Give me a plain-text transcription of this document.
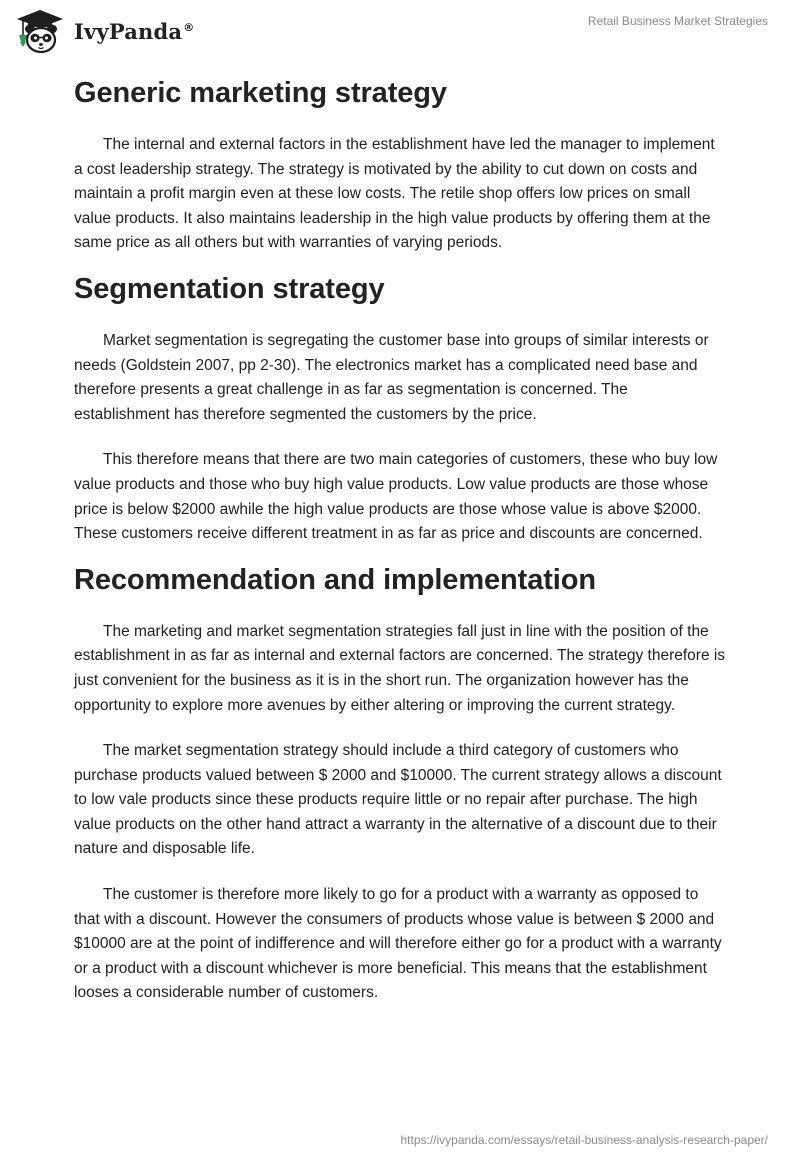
IvyPanda®	Retail Business Market Strategies
Generic marketing strategy

The internal and external factors in the establishment have led the manager to implement a cost leadership strategy. The strategy is motivated by the ability to cut down on costs and maintain a profit margin even at these low costs. The retile shop offers low prices on small value products. It also maintains leadership in the high value products by offering them at the same price as all others but with warranties of varying periods.

Segmentation strategy

Market segmentation is segregating the customer base into groups of similar interests or needs (Goldstein 2007, pp 2-30). The electronics market has a complicated need base and therefore presents a great challenge in as far as segmentation is concerned. The establishment has therefore segmented the customers by the price.

This therefore means that there are two main categories of customers, these who buy low value products and those who buy high value products. Low value products are those whose price is below $2000 awhile the high value products are those whose value is above $2000. These customers receive different treatment in as far as price and discounts are concerned.

Recommendation and implementation

The marketing and market segmentation strategies fall just in line with the position of the establishment in as far as internal and external factors are concerned. The strategy therefore is just convenient for the business as it is in the short run. The organization however has the opportunity to explore more avenues by either altering or improving the current strategy.

The market segmentation strategy should include a third category of customers who purchase products valued between $ 2000 and $10000. The current strategy allows a discount to low vale products since these products require little or no repair after purchase. The high value products on the other hand attract a warranty in the alternative of a discount due to their nature and disposable life.

The customer is therefore more likely to go for a product with a warranty as opposed to that with a discount. However the consumers of products whose value is between $ 2000 and $10000 are at the point of indifference and will therefore either go for a product with a warranty or a product with a discount whichever is more beneficial. This means that the establishment looses a considerable number of customers.

https://ivypanda.com/essays/retail-business-analysis-research-paper/
